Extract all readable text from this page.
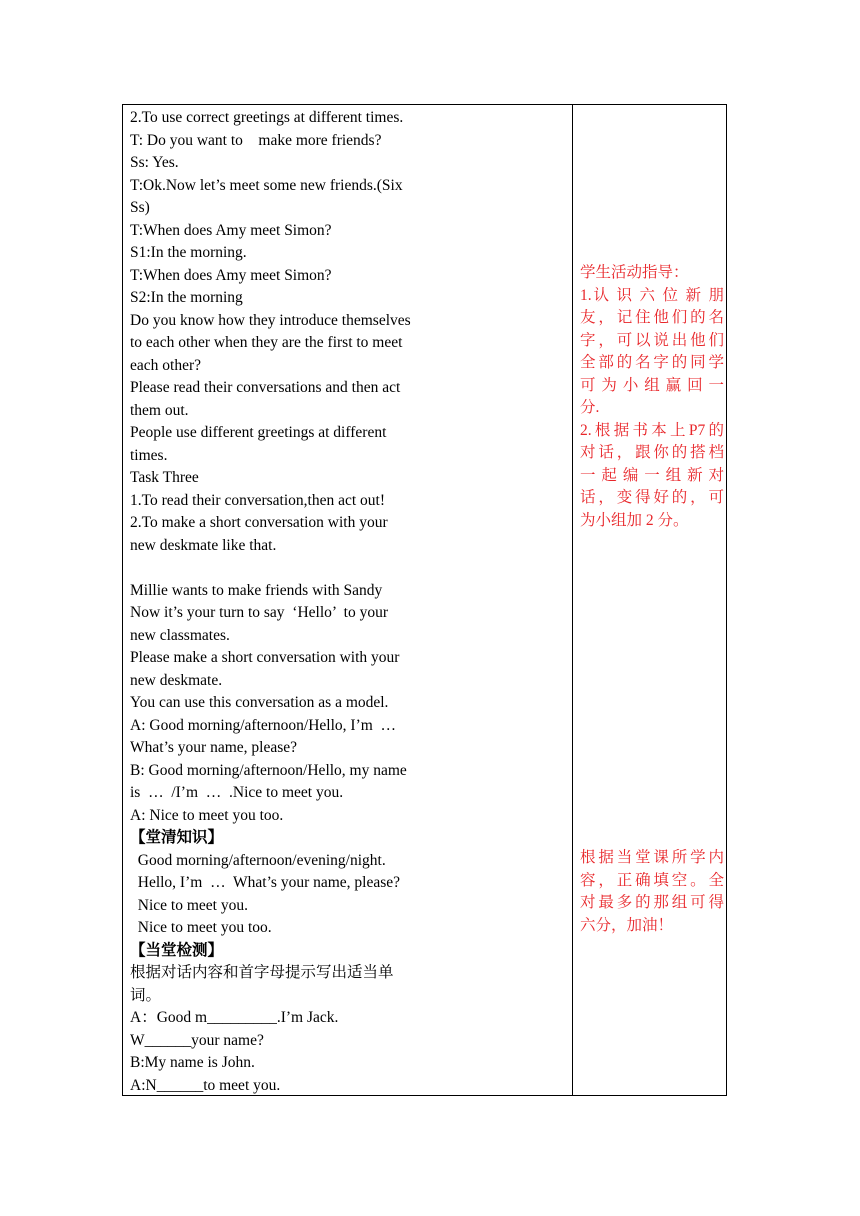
2.To use correct greetings at different times.
T: Do you want to    make more friends?
Ss: Yes.
T:Ok.Now let’s meet some new friends.(Six
Ss)
T:When does Amy meet Simon?
S1:In the morning.
T:When does Amy meet Simon?
S2:In the morning
Do you know how they introduce themselves
to each other when they are the first to meet
each other?
Please read their conversations and then act
them out.
People use different greetings at different
times.
Task Three
1.To read their conversation,then act out!
2.To make a short conversation with your
new deskmate like that.
Millie wants to make friends with Sandy
Now it’s your turn to say  ‘Hello’  to your
new classmates.
Please make a short conversation with your
new deskmate.
You can use this conversation as a model.
A: Good morning/afternoon/Hello, I’m  …
What’s your name, please?
B: Good morning/afternoon/Hello, my name
is  …  /I’m  …  .Nice to meet you.
A: Nice to meet you too.
【堂清知识】
Good morning/afternoon/evening/night.
Hello, I’m  …  What’s your name, please?
Nice to meet you.
Nice to meet you too.
【当堂检测】
根据对话内容和首字母提示写出适当单
词。
A：Good m_________.I’m Jack.
W______your name?
B:My name is John.
A:N______to meet you.
学生活动指导：
1.认 识 六 位 新 朋
友，记住他们的名
字，可以说出他们
全部的名字的同学
可 为 小 组 赢 回 一
分.
2.根据书本上P7的
对话，跟你的搭档
一 起 编 一 组 新 对
话，变得好的，可
为小组加 2 分。
根据当堂课所学内
容，正确填空。全
对最多的那组可得
六分，加油！
